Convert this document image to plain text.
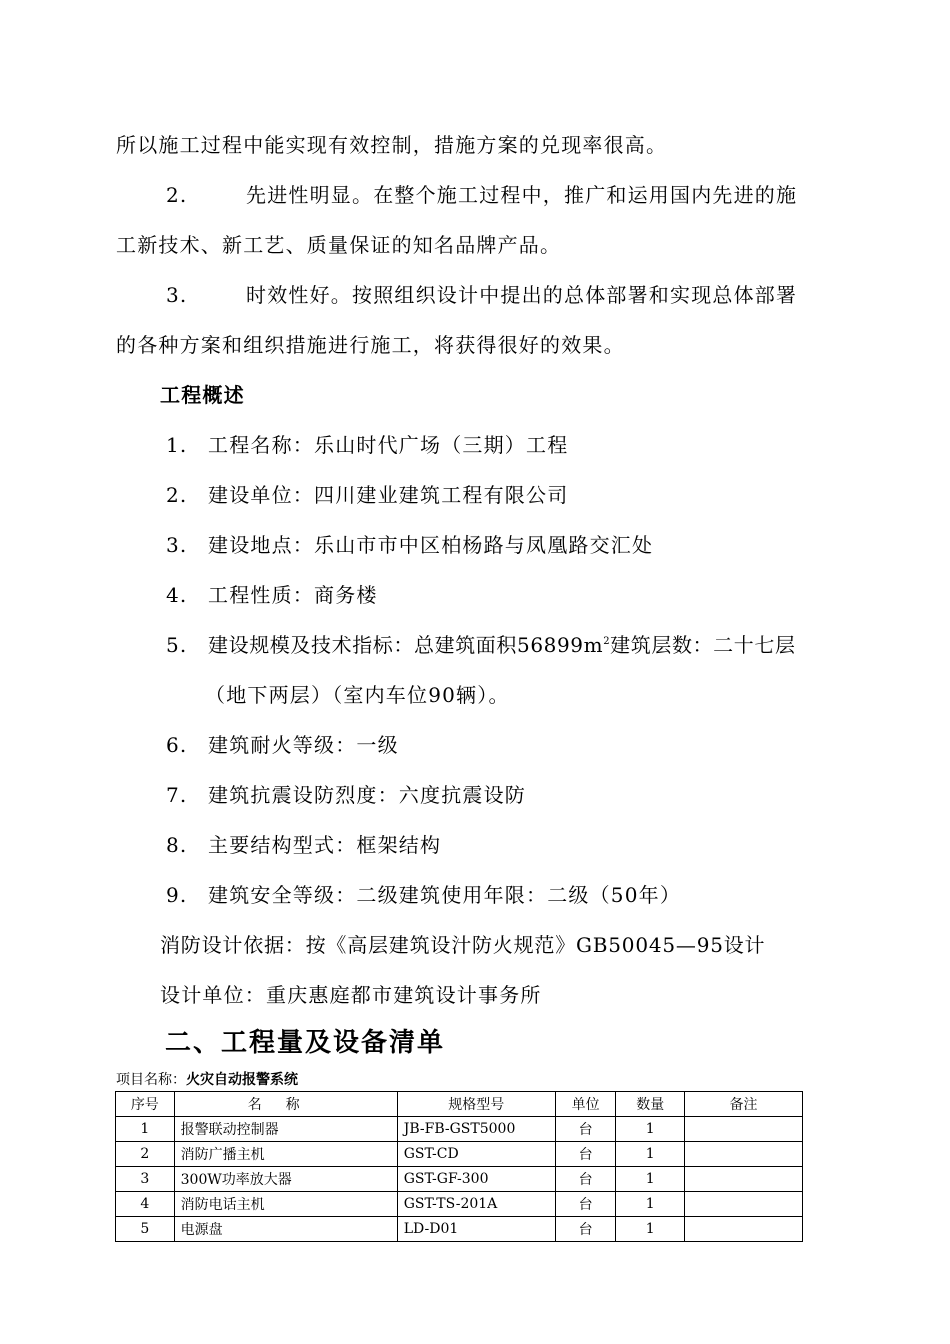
所以施工过程中能实现有效控制，措施方案的兑现率很高。
2.	先进性明显。在整个施工过程中，推广和运用国内先进的施
工新技术、新工艺、质量保证的知名品牌产品。
3.	时效性好。按照组织设计中提出的总体部署和实现总体部署
的各种方案和组织措施进行施工，将获得很好的效果。
工程概述
1. 工程名称：乐山时代广场（三期）工程
2. 建设单位：四川建业建筑工程有限公司
3. 建设地点：乐山市市中区柏杨路与凤凰路交汇处
4. 工程性质：商务楼
5. 建设规模及技术指标：总建筑面积$56899m^2$建筑层数：二十七层
（地下两层）（室内车位90辆）。
6. 建筑耐火等级：一级
7. 建筑抗震设防烈度：六度抗震设防
8. 主要结构型式：框架结构
9. 建筑安全等级：二级建筑使用年限：二级（50年）
消防设计依据：按《高层建筑设汁防火规范》GB50045—95设计
设计单位：重庆惠庭都市建筑设计事务所
二、工程量及设备清单
项目名称：火灾自动报警系统
序号	名称	规格型号	单位	数量	备注
1	报警联动控制器	JB-FB-GST5000	台	1	
2	消防广播主机	GST-CD	台	1	
3	300W功率放大器	GST-GF-300	台	1	
4	消防电话主机	GST-TS-201A	台	1	
5	电源盘	LD-D01	台	1	
